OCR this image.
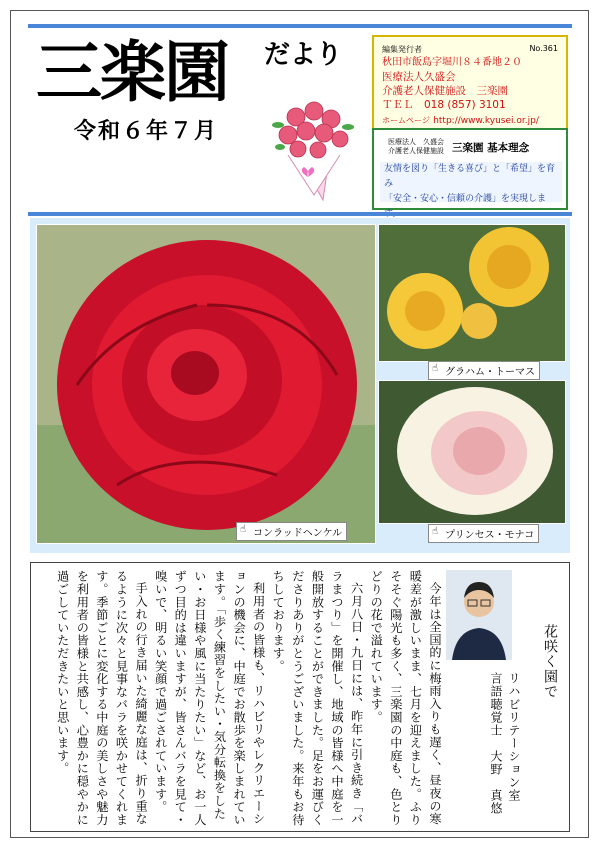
三楽園 だより
令和６年７月
編集発行者	No.361
秋田市飯島字堀川８４番地２０
医療法人久盛会
介護老人保健施設　三楽園
ＴＥＬ　018 (857) 3101
ホームページ http://www.kyusei.or.jp/
医療法人　久盛会
介護老人保健施設 三楽園 基本理念
友情を図り「生きる喜び」と「希望」を育み
「安全・安心・信頼の介護」を実現しま
☝ コンラッドヘンケル
☝ グラハム・トーマス
☝ プリンセス・モナコ
花咲く園で
リハビリテーション室
言語聴覚士　大野　真悠

今年は全国的に梅雨入りも遅く、昼夜の寒暖差が激しいまま、七月を迎えました。ふりそそぐ陽光も多く、三楽園の中庭も、色とりどりの花で溢れています。

六月八日・九日には、昨年に引き続き「バラまつり」を開催し、地域の皆様へ中庭を一般開放することができました。足をお運びくださりありがとうございました。来年もお待ちしております。

利用者の皆様も、リハビリやレクリエーションの機会に、中庭でお散歩を楽しまれています。「歩く練習をしたい・気分転換をしたい・お日様や風に当たりたい」など、お一人ずつ目的は違いますが、皆さんバラを見て・嗅いで、明るい笑顔で過ごされています。

手入れの行き届いた綺麗な庭は、折り重なるように次々と見事なバラを咲かせてくれます。季節ごとに変化する中庭の美しさや魅力を利用者の皆様と共感し、心豊かに穏やかに過ごしていただきたいと思います。
